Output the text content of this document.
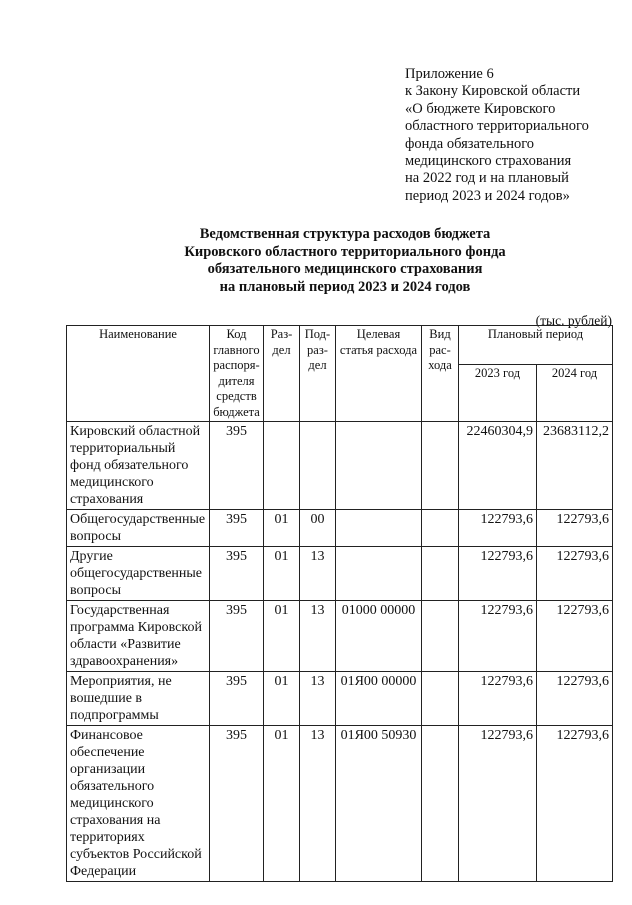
Приложение 6
к Закону Кировской области
«О бюджете Кировского
областного территориального
фонда обязательного
медицинского страхования
на 2022 год и на плановый
период 2023 и 2024 годов»
Ведомственная структура расходов бюджета
Кировского областного территориального фонда
обязательного медицинского страхования
на плановый период 2023 и 2024 годов
(тыс. рублей)
Наименование	Код главного распоря-дителя средств бюджета	Раз-дел	Под-раз-дел	Целевая статья расхода	Вид рас-хода	Плановый период	
						2023 год	2024 год
Кировский областной территориальный фонд обязательного медицинского страхования	395					22460304,9	23683112,2
Общегосударственные вопросы	395	01	00			122793,6	122793,6
Другие общегосударственные вопросы	395	01	13			122793,6	122793,6
Государственная программа Кировской области «Развитие здравоохранения»	395	01	13	01000 00000		122793,6	122793,6
Мероприятия, не вошедшие в подпрограммы	395	01	13	01Я00 00000		122793,6	122793,6
Финансовое обеспечение организации обязательного медицинского страхования на территориях субъектов Российской Федерации	395	01	13	01Я00 50930		122793,6	122793,6
